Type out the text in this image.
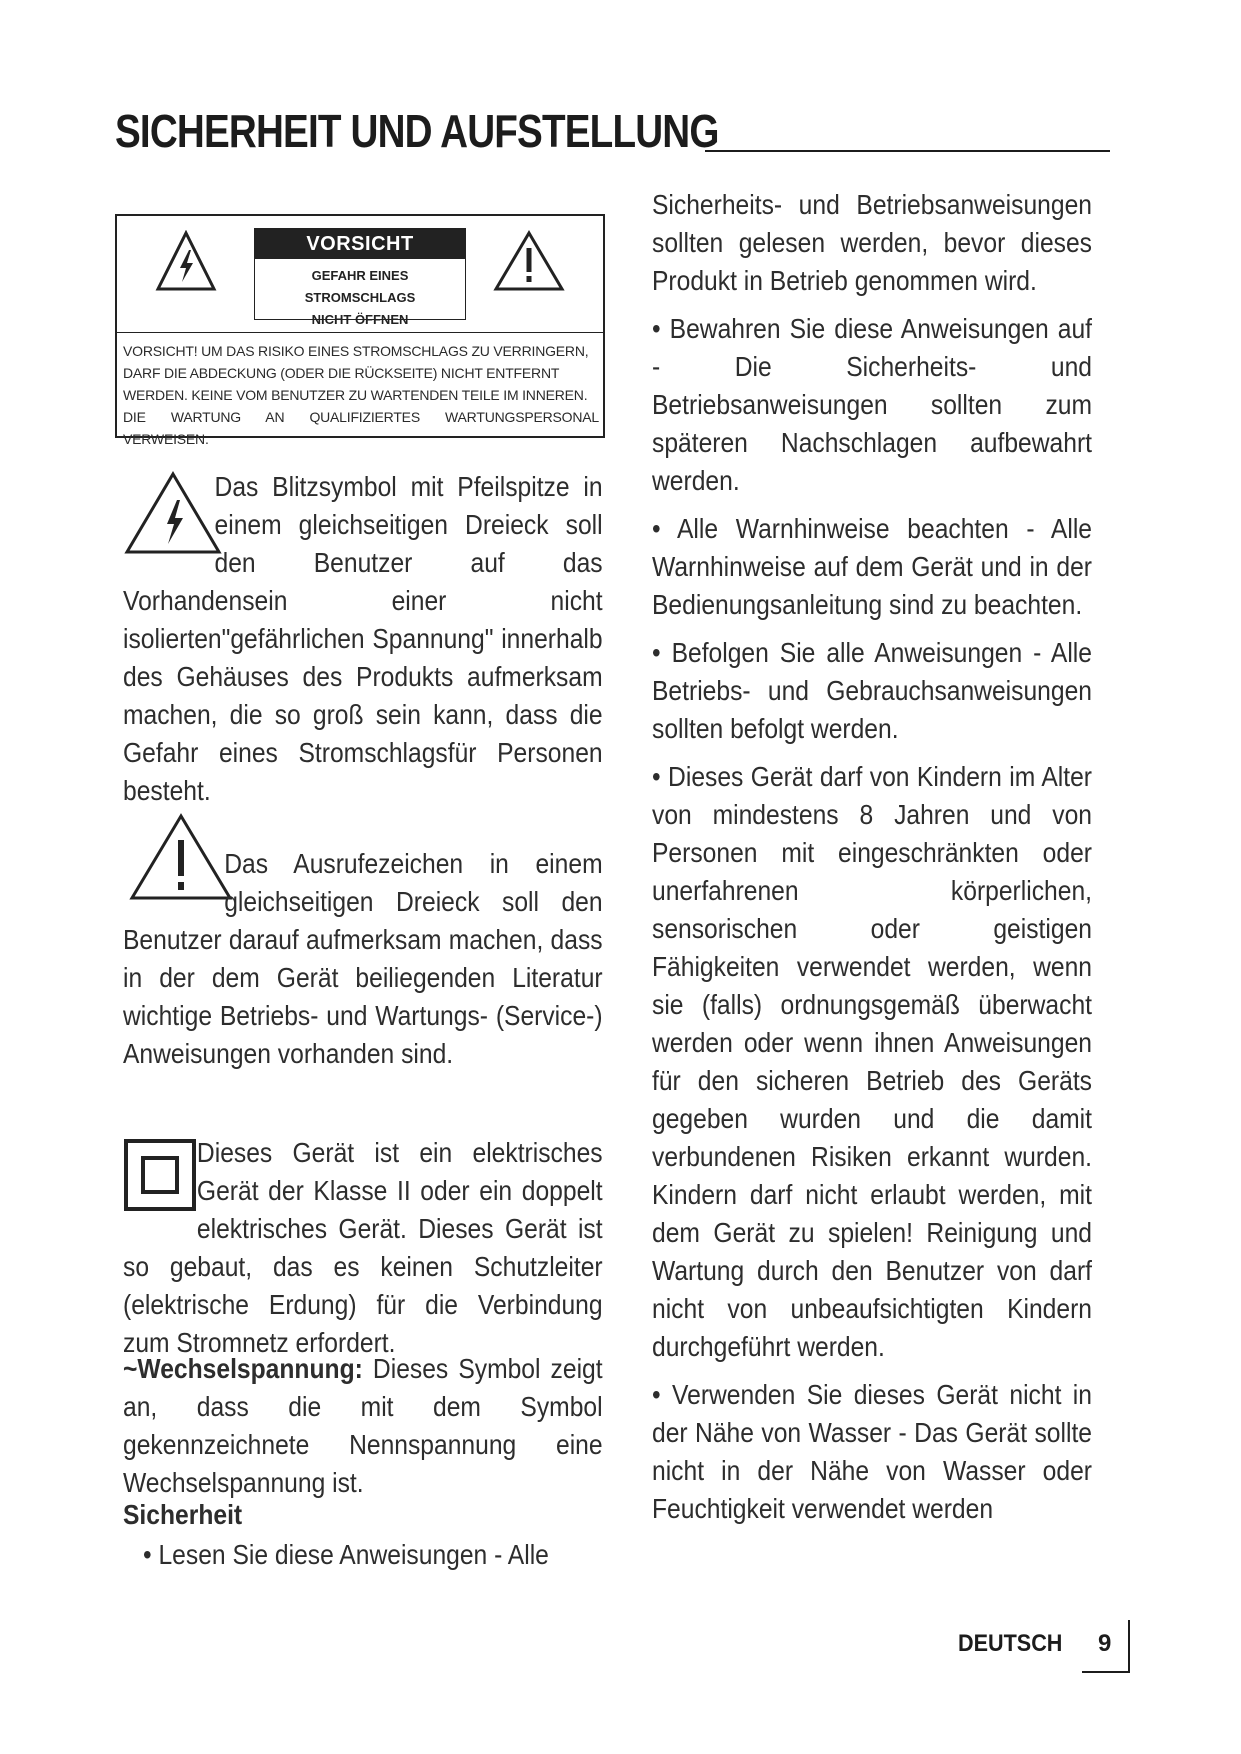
SICHERHEIT UND AUFSTELLUNG
VORSICHT
GEFAHR EINES STROMSCHLAGS
NICHT ÖFFNEN
VORSICHT! UM DAS RISIKO EINES STROMSCHLAGS ZU VERRINGERN,
DARF DIE ABDECKUNG (ODER DIE RÜCKSEITE) NICHT ENTFERNT
WERDEN. KEINE VOM BENUTZER ZU WARTENDEN TEILE IM INNEREN.
DIE WARTUNG AN QUALIFIZIERTES WARTUNGSPERSONAL VERWEISEN.
Das Blitzsymbol mit Pfeilspitze in einem gleichseitigen Dreieck soll den Benutzer auf das Vorhandensein einer nicht isolierten"gefährlichen Spannung" innerhalb des Gehäuses des Produkts aufmerksam machen, die so groß sein kann, dass die Gefahr eines Stromschlagsfür Personen besteht.
Das Ausrufezeichen in einem gleichseitigen Dreieck soll den Benutzer darauf aufmerksam machen, dass in der dem Gerät beiliegenden Literatur wichtige Betriebs- und Wartungs- (Service-) Anweisungen vorhanden sind.
Dieses Gerät ist ein elektrisches Gerät der Klasse II oder ein doppelt elektrisches Gerät. Dieses Gerät ist so gebaut, das es keinen Schutzleiter (elektrische Erdung) für die Verbindung zum Stromnetz erfordert.
~Wechselspannung: Dieses Symbol zeigt an, dass die mit dem Symbol gekennzeichnete Nennspannung eine Wechselspannung ist.
Sicherheit
• Lesen Sie diese Anweisungen - Alle
Sicherheits- und Betriebsanweisungen sollten gelesen werden, bevor dieses Produkt in Betrieb genommen wird.
• Bewahren Sie diese Anweisungen auf - Die Sicherheits- und Betriebsanweisungen sollten zum späteren Nachschlagen aufbewahrt werden.
• Alle Warnhinweise beachten - Alle Warnhinweise auf dem Gerät und in der Bedienungsanleitung sind zu beachten.
• Befolgen Sie alle Anweisungen - Alle Betriebs- und Gebrauchsanweisungen sollten befolgt werden.
• Dieses Gerät darf von Kindern im Alter von mindestens 8 Jahren und von Personen mit eingeschränkten oder unerfahrenen körperlichen, sensorischen oder geistigen Fähigkeiten verwendet werden, wenn sie (falls) ordnungsgemäß überwacht werden oder wenn ihnen Anweisungen für den sicheren Betrieb des Geräts gegeben wurden und die damit verbundenen Risiken erkannt wurden. Kindern darf nicht erlaubt werden, mit dem Gerät zu spielen! Reinigung und Wartung durch den Benutzer von darf nicht von unbeaufsichtigten Kindern durchgeführt werden.
• Verwenden Sie dieses Gerät nicht in der Nähe von Wasser - Das Gerät sollte nicht in der Nähe von Wasser oder Feuchtigkeit verwendet werden
DEUTSCH 9
